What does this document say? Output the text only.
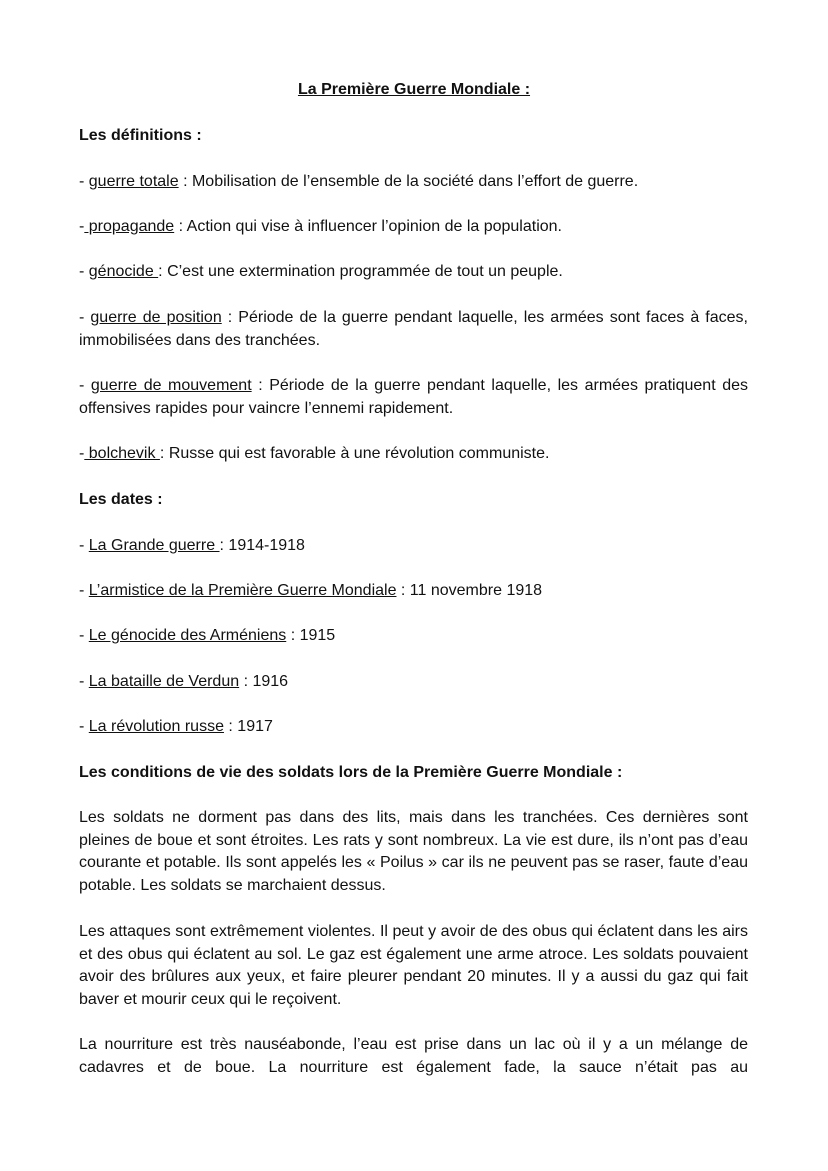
La Première Guerre Mondiale :
Les définitions :
- guerre totale : Mobilisation de l’ensemble de la société dans l’effort de guerre.
- propagande : Action qui vise à influencer l’opinion de la population.
- génocide : C’est une extermination programmée de tout un peuple.
- guerre de position : Période de la guerre pendant laquelle, les armées sont faces à faces, immobilisées dans des tranchées.
- guerre de mouvement : Période de la guerre pendant laquelle, les armées pratiquent des offensives rapides pour vaincre l’ennemi rapidement.
- bolchevik : Russe qui est favorable à une révolution communiste.
Les dates :
- La Grande guerre : 1914-1918
- L’armistice de la Première Guerre Mondiale : 11 novembre 1918
- Le génocide des Arméniens : 1915
- La bataille de Verdun : 1916
- La révolution russe : 1917
Les conditions de vie des soldats lors de la Première Guerre Mondiale :
Les soldats ne dorment pas dans des lits, mais dans les tranchées. Ces dernières sont pleines de boue et sont étroites. Les rats y sont nombreux. La vie est dure, ils n’ont pas d’eau courante et potable. Ils sont appelés les « Poilus » car ils ne peuvent pas se raser, faute d’eau potable. Les soldats se marchaient dessus.
Les attaques sont extrêmement violentes. Il peut y avoir de des obus qui éclatent dans les airs et des obus qui éclatent au sol. Le gaz est également une arme atroce. Les soldats pouvaient avoir des brûlures aux yeux, et faire pleurer pendant 20 minutes. Il y a aussi du gaz qui fait baver et mourir ceux qui le reçoivent.
La nourriture est très nauséabonde, l’eau est prise dans un lac où il y a un mélange de cadavres et de boue. La nourriture est également fade, la sauce n’était pas au
